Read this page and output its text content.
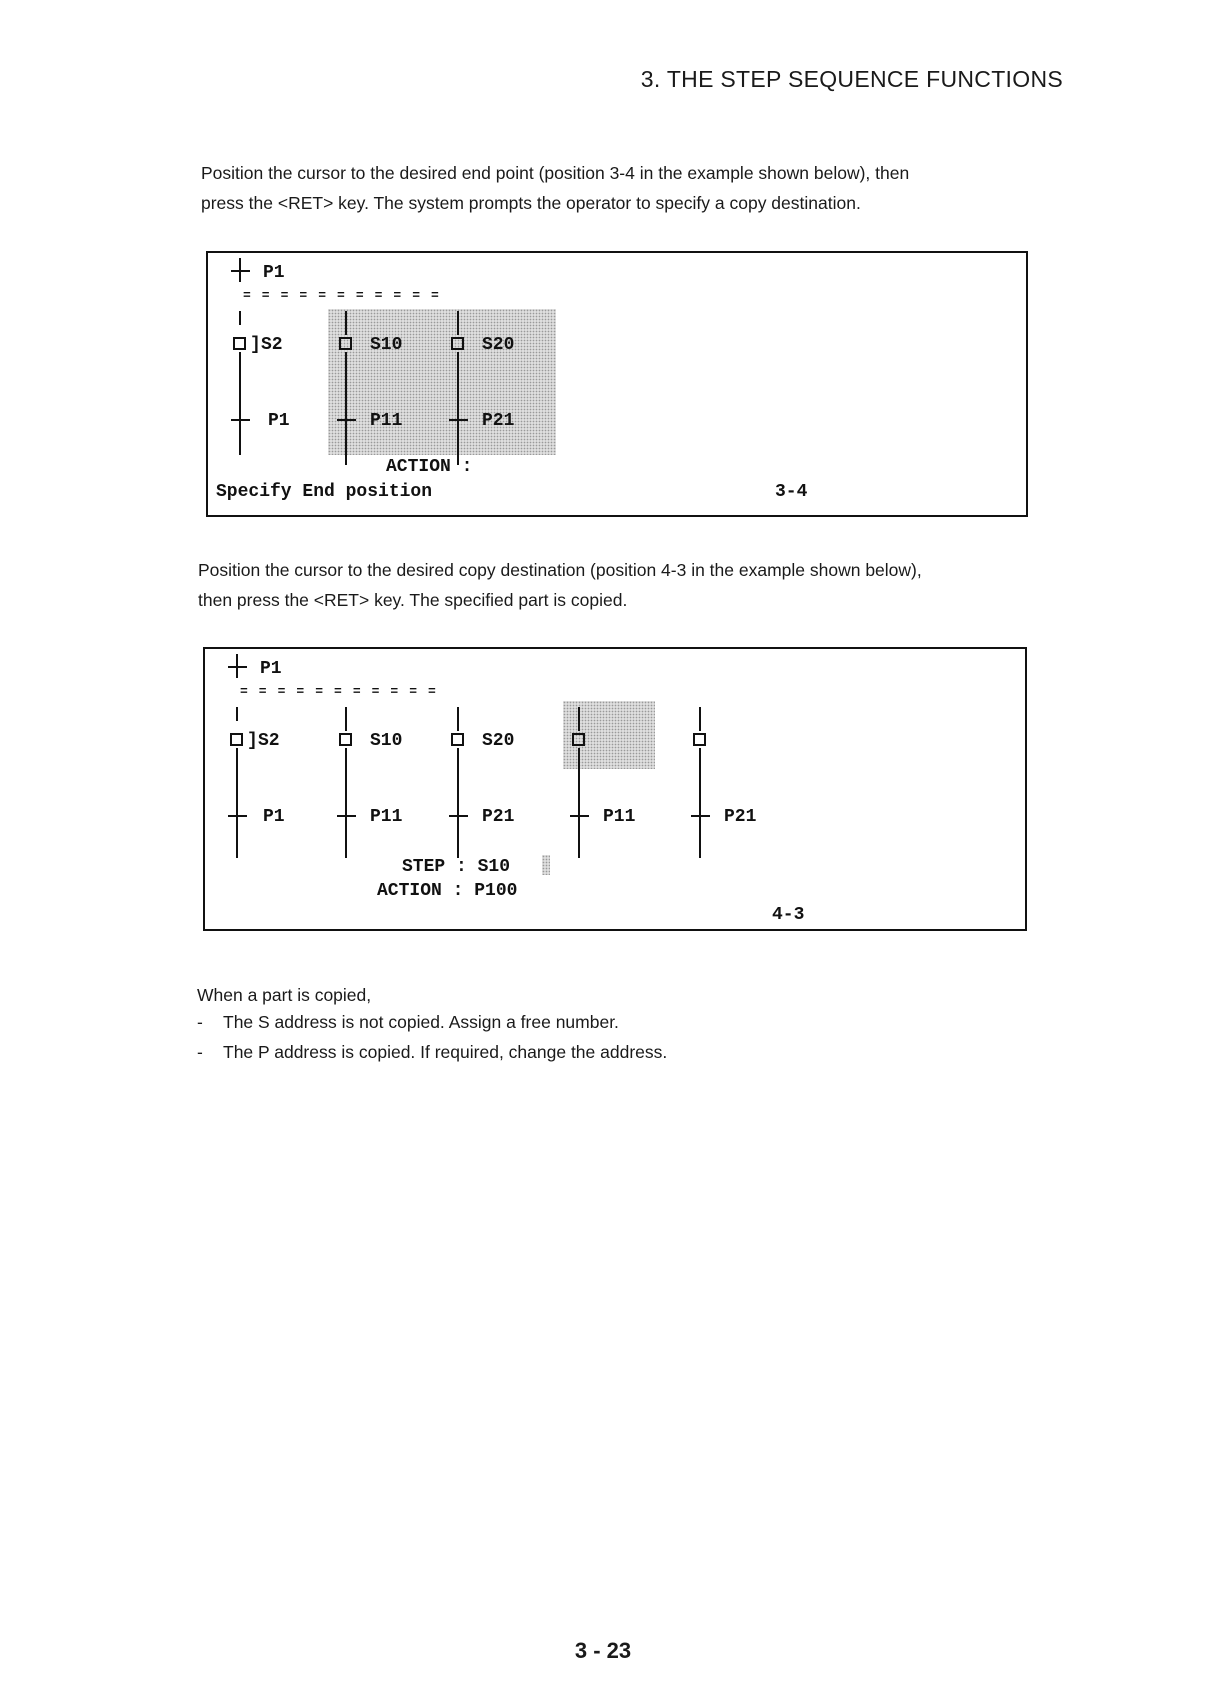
3. THE STEP SEQUENCE FUNCTIONS
Position the cursor to the desired end point (position 3-4 in the example shown below), then
press the <RET> key. The system prompts the operator to specify a copy destination.
P1
= = = = = = = = = = =
] S2
P1
S10
P11
S20
P21
ACTION :
Specify End position	3-4
Position the cursor to the desired copy destination (position 4-3 in the example shown below),
then press the <RET> key. The specified part is copied.
P1
= = = = = = = = = = =
] S2
P1
S10
P11
S20
P21	P11	P21
STEP : S10
ACTION : P100
4-3
When a part is copied,
- The S address is not copied. Assign a free number.
- The P address is copied. If required, change the address.
3 - 23
